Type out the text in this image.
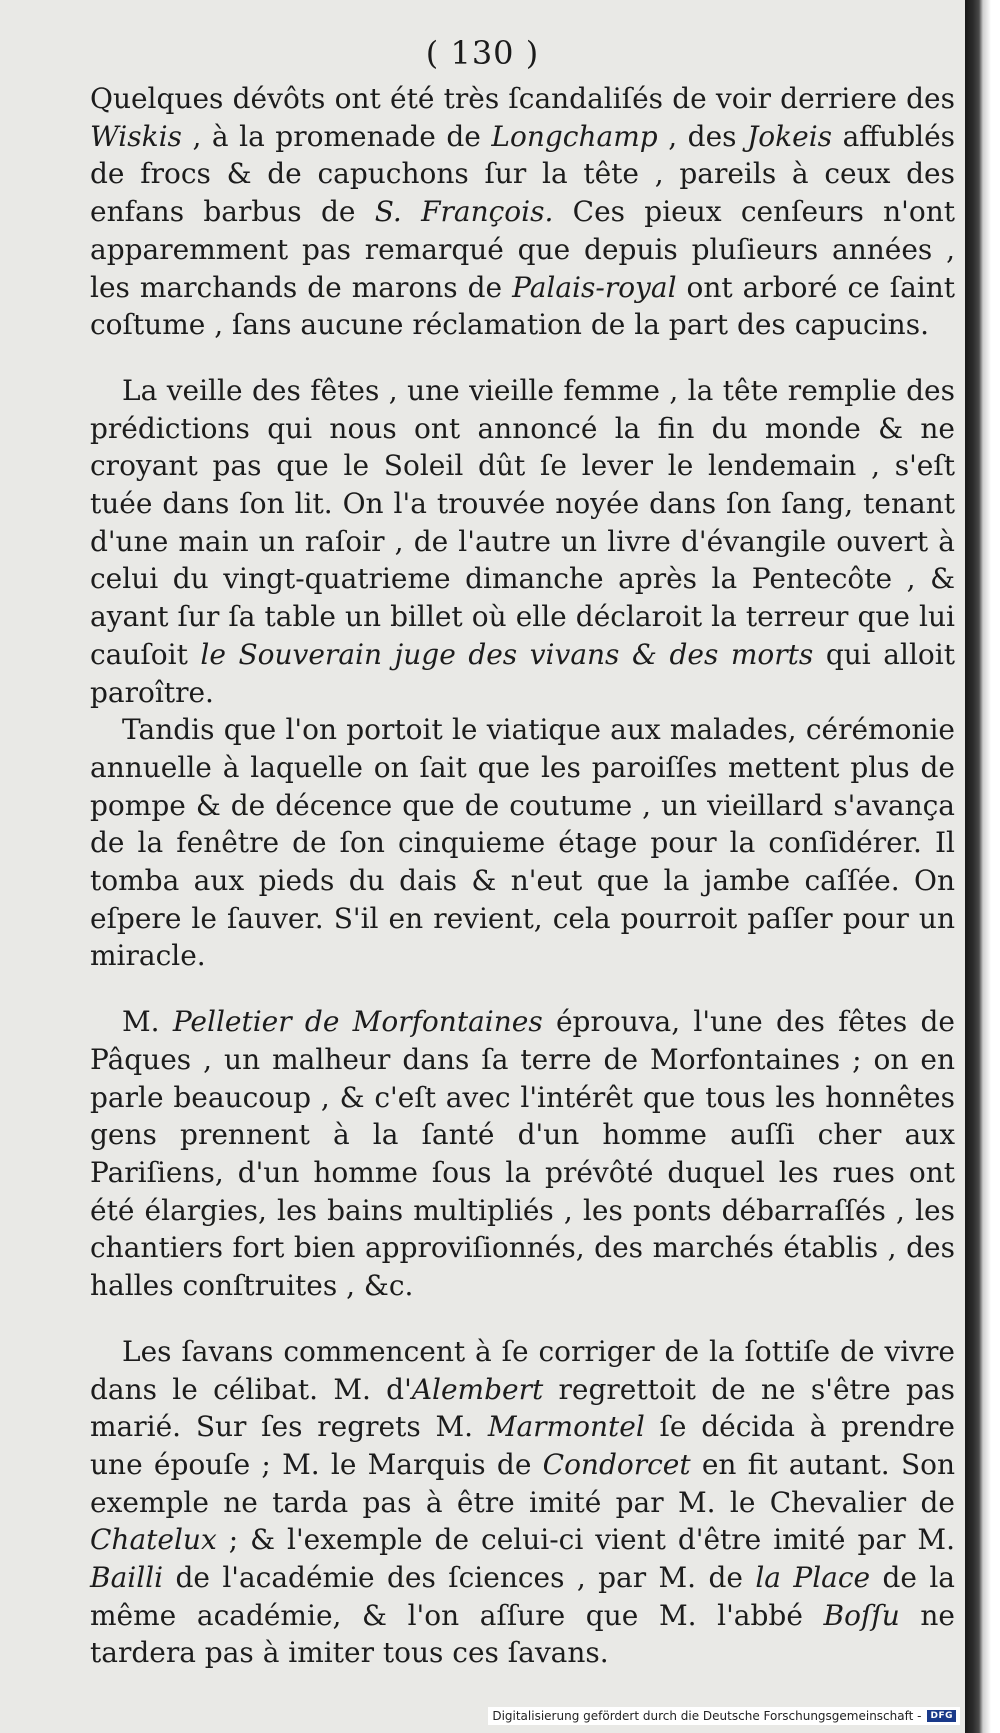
( 130 )

Quelques dévôts ont été très ſcandaliſés de voir derriere des Wiskis , à la promenade de Longchamp , des Jokeis affublés de frocs & de capuchons ſur la tête , pareils à ceux des enfans barbus de S. François. Ces pieux cenſeurs n'ont apparemment pas remarqué que depuis pluſieurs années , les marchands de marons de Palais-royal ont arboré ce ſaint coſtume , ſans aucune réclamation de la part des capucins.

La veille des fêtes , une vieille femme , la tête remplie des prédictions qui nous ont annoncé la fin du monde & ne croyant pas que le Soleil dût ſe lever le lendemain , s'eſt tuée dans ſon lit. On l'a trouvée noyée dans ſon ſang, tenant d'une main un raſoir , de l'autre un livre d'évangile ouvert à celui du vingt-quatrieme dimanche après la Pentecôte , & ayant ſur ſa table un billet où elle déclaroit la terreur que lui cauſoit le Souverain juge des vivans & des morts qui alloit paroître.

Tandis que l'on portoit le viatique aux malades, cérémonie annuelle à laquelle on ſait que les paroiſſes mettent plus de pompe & de décence que de coutume , un vieillard s'avança de la fenêtre de ſon cinquieme étage pour la conſidérer. Il tomba aux pieds du dais & n'eut que la jambe caſſée. On eſpere le ſauver. S'il en revient, cela pourroit paſſer pour un miracle.

M. Pelletier de Morfontaines éprouva, l'une des fêtes de Pâques , un malheur dans ſa terre de Morfontaines ; on en parle beaucoup , & c'eſt avec l'intérêt que tous les honnêtes gens prennent à la ſanté d'un homme auſſi cher aux Pariſiens, d'un homme ſous la prévôté duquel les rues ont été élargies, les bains multipliés , les ponts débarraſſés , les chantiers fort bien approviſionnés, des marchés établis , des halles conſtruites , &c.

Les ſavans commencent à ſe corriger de la ſottiſe de vivre dans le célibat. M. d'Alembert regrettoit de ne s'être pas marié. Sur ſes regrets M. Marmontel ſe décida à prendre une épouſe ; M. le Marquis de Condorcet en fit autant. Son exemple ne tarda pas à être imité par M. le Chevalier de Chatelux ; & l'exemple de celui-ci vient d'être imité par M. Bailli de l'académie des ſciences , par M. de la Place de la même académie, & l'on aſſure que M. l'abbé Boſſu ne tardera pas à imiter tous ces ſavans.

Digitalisierung gefördert durch die Deutsche Forschungsgemeinschaft -	DFG
